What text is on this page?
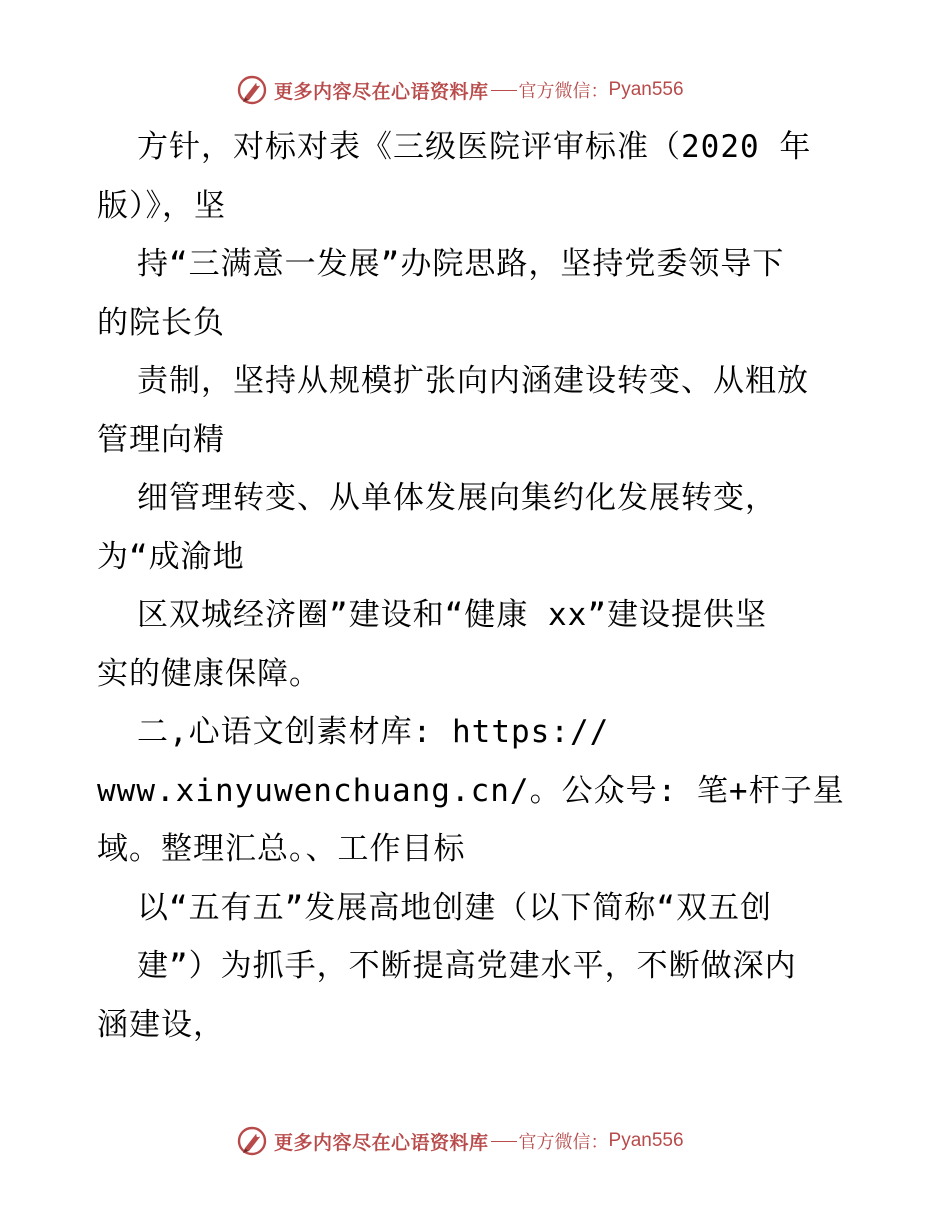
更多内容尽在心语资料库 官方微信： Pyan556

方针，对标对表《三级医院评审标准（2020 年

版）》，坚

持“三满意一发展”办院思路，坚持党委领导下

的院长负

责制，坚持从规模扩张向内涵建设转变、从粗放

管理向精

细管理转变、从单体发展向集约化发展转变，

为“成渝地

区双城经济圈”建设和“健康 xx”建设提供坚

实的健康保障。

二,心语文创素材库: https://

www.xinyuwenchuang.cn/。公众号: 笔+杆子星

域。整理汇总。、工作目标

以“五有五”发展高地创建（以下简称“双五创

建”）为抓手，不断提高党建水平，不断做深内

涵建设，

更多内容尽在心语资料库 官方微信： Pyan556
